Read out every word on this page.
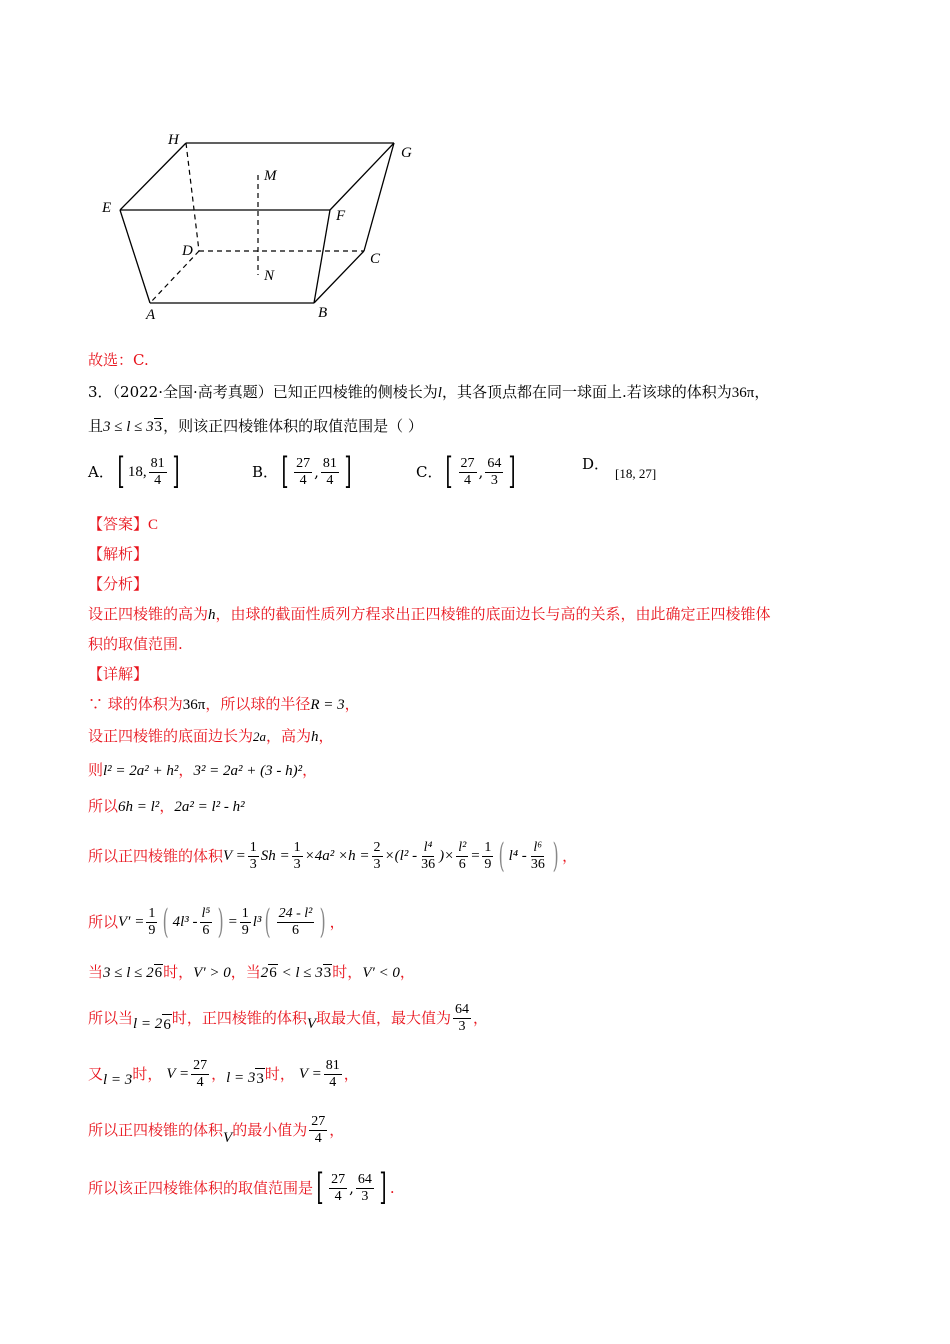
H
G
M
E	F
D	C
N
A	B
故选：C.
3．（2022·全国·高考真题）已知正四棱锥的侧棱长为l，其各顶点都在同一球面上.若该球的体积为36π，
且3 ≤ l ≤ 33，则该正四棱锥体积的取值范围是（ ）
A． [ 18, $\frac{81}{4}$ ]	B． [ $\frac{27}{4}$ , $\frac{81}{4}$ ]	C． [ $\frac{27}{4}$ , $\frac{64}{3}$ ]	D．
[18, 27]
【答案】C
【解析】
【分析】
设正四棱锥的高为h，由球的截面性质列方程求出正四棱锥的底面边长与高的关系，由此确定正四棱锥体
积的取值范围.
【详解】
∵ 球的体积为36π，所以球的半径R = 3，
设正四棱锥的底面边长为2a，高为h，
则l² = 2a² + h²，3² = 2a² + (3 - h)²，
所以6h = l²，2a² = l² - h²
所以正四棱锥的体积 $V = \frac{1}{3}$ $Sh = \frac{1}{3} \times 4a^2 \times h = \frac{2}{3} \times(l^2 - \frac{\text{l⁴}}{36}$ )× $\frac{\text{l²}}{6} = \frac{1}{9}$ ( $l^4 - \frac{\text{l⁶}}{36}$ ) ，
所以 $V' = \frac{1}{9}$ ( $4l^3 - \frac{\text{l⁵}}{6}$ ) = $\frac{1}{9} l^3$ ( $\frac{\text{24 - l²}}{6}$ ) ，
当3 ≤ l ≤ 26时，V′ > 0，当26 < l ≤ 33时，V′ < 0，
所以当 l = 2 6 时，正四棱锥的体积 V 取最大值，最大值为 $\frac{64}{3}$ ，
又 l = 3 时， $V = \frac{27}{4}$ ， l = 3 3 时， $V = \frac{81}{4}$ ，
所以正四棱锥的体积 V 的最小值为 $\frac{27}{4}$ ，
所以该正四棱锥体积的取值范围是 [ $\frac{27}{4}$ , $\frac{64}{3}$ ] .
